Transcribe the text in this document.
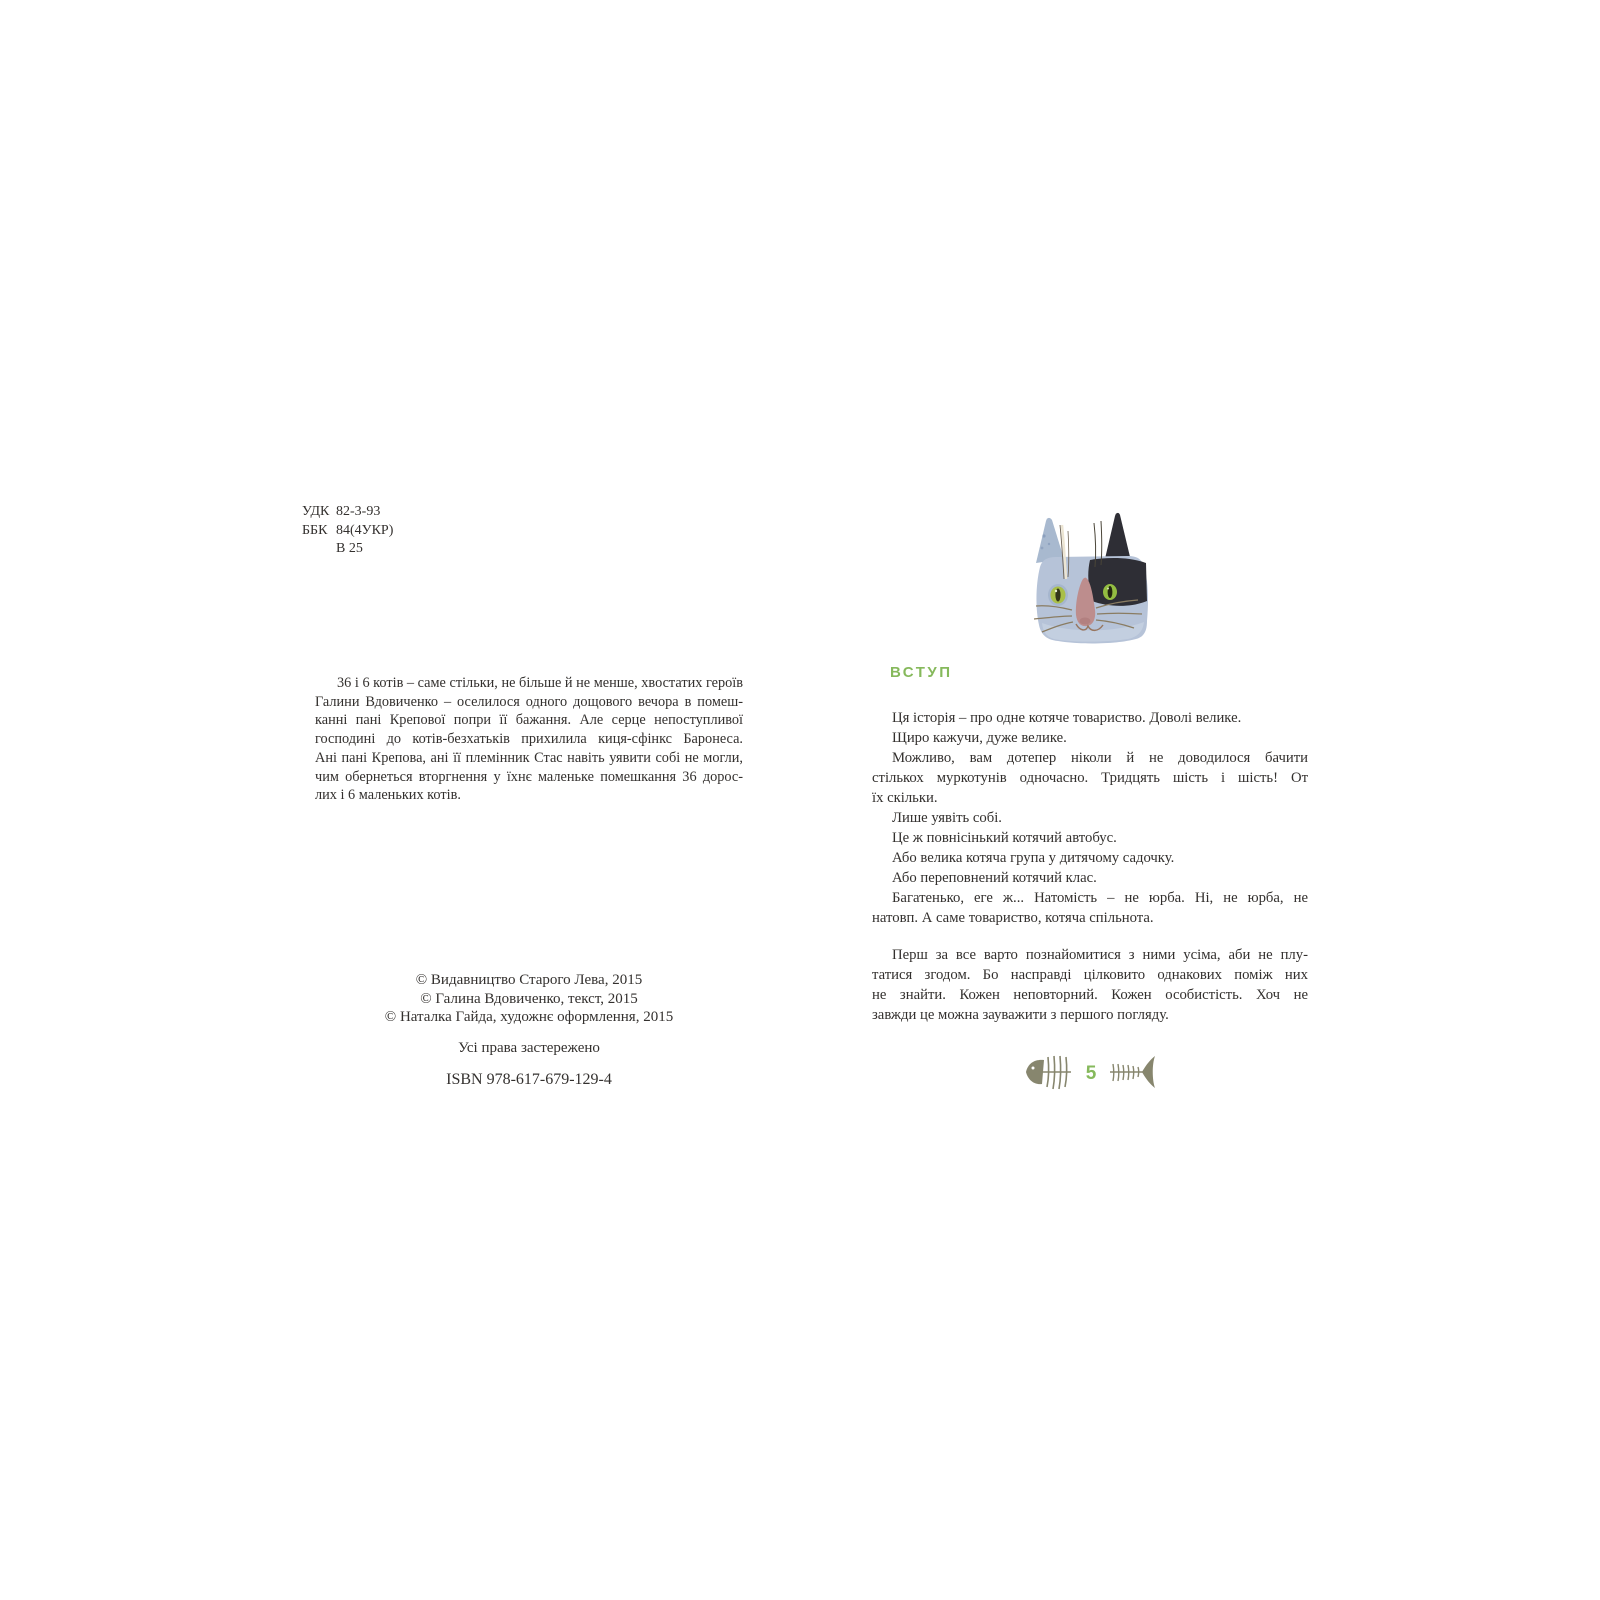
УДК 82-3-93
ББК 84(4УКР)
В 25
36 і 6 котів – саме стільки, не більше й не менше, хвостатих героїв
Галини Вдовиченко – оселилося одного дощового вечора в помеш-
канні пані Крепової попри її бажання. Але серце непоступливої
господині до котів-безхатьків прихилила киця-сфінкс Баронеса.
Ані пані Крепова, ані її племінник Стас навіть уявити собі не могли,
чим обернеться вторгнення у їхнє маленьке помешкання 36 дорос-
лих і 6 маленьких котів.
© Видавництво Старого Лева, 2015
© Галина Вдовиченко, текст, 2015
© Наталка Гайда, художнє оформлення, 2015
Усі права застережено
ISBN 978-617-679-129-4
ВСТУП
Ця історія – про одне котяче товариство. Доволі велике.
Щиро кажучи, дуже велике.
Можливо, вам дотепер ніколи й не доводилося бачити
стількох муркотунів одночасно. Тридцять шість і шість! От
їх скільки.
Лише уявіть собі.
Це ж повнісінький котячий автобус.
Або велика котяча група у дитячому садочку.
Або переповнений котячий клас.
Багатенько, еге ж... Натомість – не юрба. Ні, не юрба, не
натовп. А саме товариство, котяча спільнота.
Перш за все варто познайомитися з ними усіма, аби не плу-
татися згодом. Бо насправді цілковито однакових поміж них
не знайти. Кожен неповторний. Кожен особистість. Хоч не
завжди це можна зауважити з першого погляду.
5
